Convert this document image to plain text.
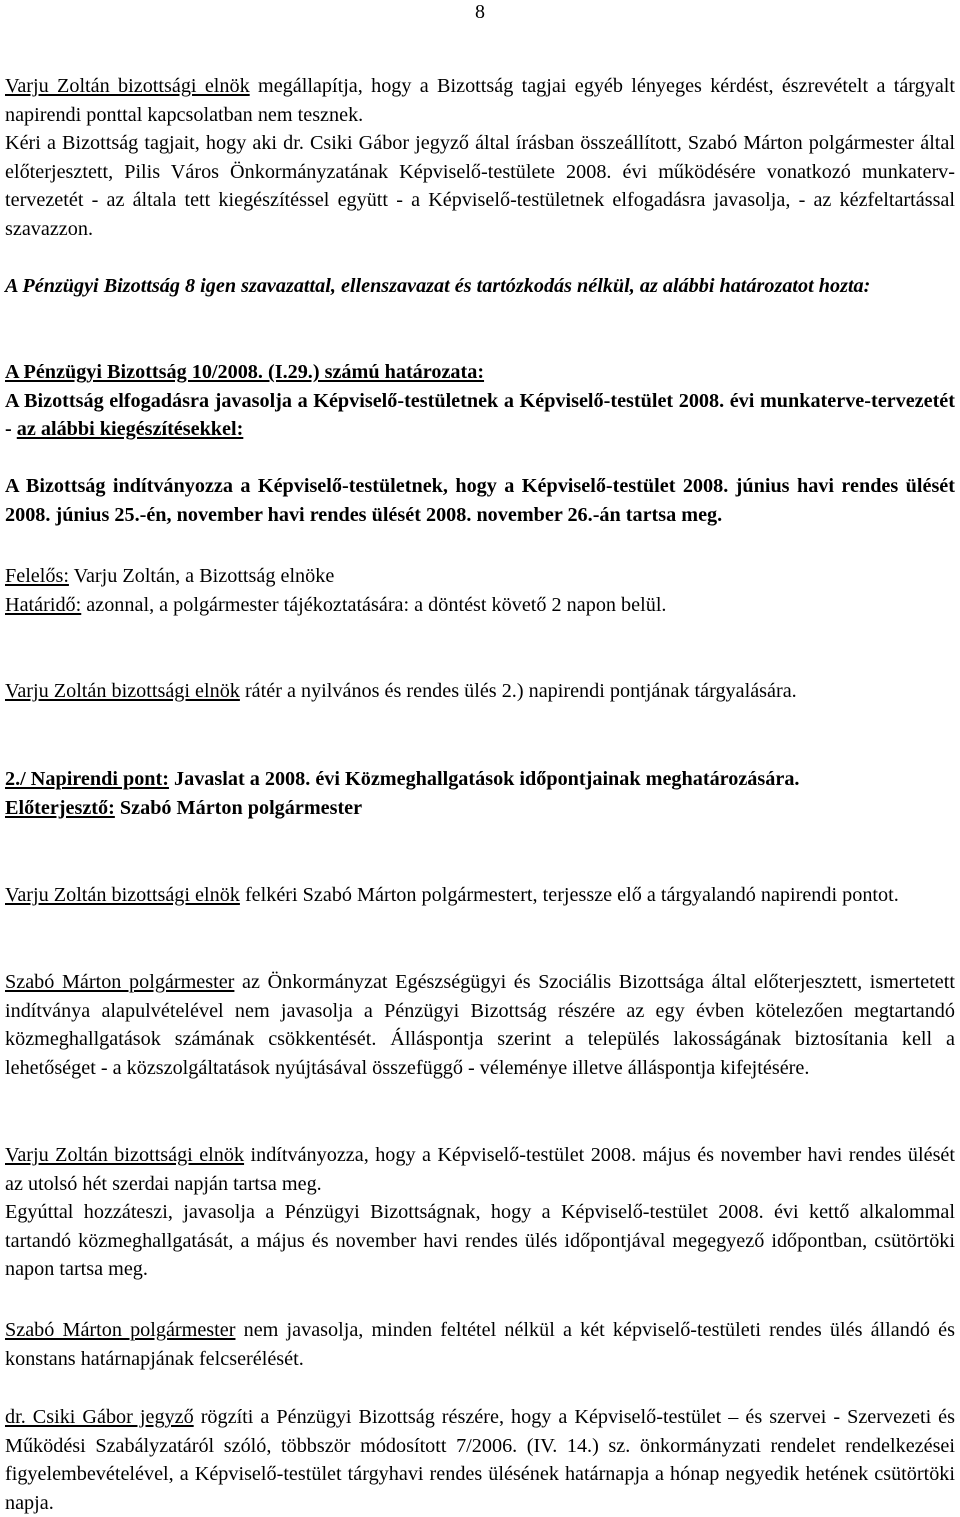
8

Varju Zoltán bizottsági elnök megállapítja, hogy a Bizottság tagjai egyéb lényeges kérdést, észrevételt a tárgyalt napirendi ponttal kapcsolatban nem tesznek.

Kéri a Bizottság tagjait, hogy aki dr. Csiki Gábor jegyző által írásban összeállított, Szabó Márton polgármester által előterjesztett, Pilis Város Önkormányzatának Képviselő-testülete 2008. évi működésére vonatkozó munkaterv-tervezetét - az általa tett kiegészítéssel együtt - a Képviselő-testületnek elfogadásra javasolja, - az kézfeltartással szavazzon.

A Pénzügyi Bizottság 8 igen szavazattal, ellenszavazat és tartózkodás nélkül, az alábbi határozatot hozta:

A Pénzügyi Bizottság 10/2008. (I.29.) számú határozata:

A Bizottság elfogadásra javasolja a Képviselő-testületnek a Képviselő-testület 2008. évi munkaterve-tervezetét - az alábbi kiegészítésekkel:

A Bizottság indítványozza a Képviselő-testületnek, hogy a Képviselő-testület 2008. június havi rendes ülését 2008. június 25.-én, november havi rendes ülését 2008. november 26.-án tartsa meg.

Felelős: Varju Zoltán, a Bizottság elnöke

Határidő: azonnal, a polgármester tájékoztatására: a döntést követő 2 napon belül.

Varju Zoltán bizottsági elnök rátér a nyilvános és rendes ülés 2.) napirendi pontjának tárgyalására.

2./ Napirendi pont: Javaslat a 2008. évi Közmeghallgatások időpontjainak meghatározására.

Előterjesztő: Szabó Márton polgármester

Varju Zoltán bizottsági elnök felkéri Szabó Márton polgármestert, terjessze elő a tárgyalandó napirendi pontot.

Szabó Márton polgármester az Önkormányzat Egészségügyi és Szociális Bizottsága által előterjesztett, ismertetett indítványa alapulvételével nem javasolja a Pénzügyi Bizottság részére az egy évben kötelezően megtartandó közmeghallgatások számának csökkentését. Álláspontja szerint a település lakosságának biztosítania kell a lehetőséget - a közszolgáltatások nyújtásával összefüggő - véleménye illetve álláspontja kifejtésére.

Varju Zoltán bizottsági elnök indítványozza, hogy a Képviselő-testület 2008. május és november havi rendes ülését az utolsó hét szerdai napján tartsa meg.

Egyúttal hozzáteszi, javasolja a Pénzügyi Bizottságnak, hogy a Képviselő-testület 2008. évi kettő alkalommal tartandó közmeghallgatását, a május és november havi rendes ülés időpontjával megegyező időpontban, csütörtöki napon tartsa meg.

Szabó Márton polgármester nem javasolja, minden feltétel nélkül a két képviselő-testületi rendes ülés állandó és konstans határnapjának felcserélését.

dr. Csiki Gábor jegyző rögzíti a Pénzügyi Bizottság részére, hogy a Képviselő-testület – és szervei - Szervezeti és Működési Szabályzatáról szóló, többször módosított 7/2006. (IV. 14.) sz. önkormányzati rendelet rendelkezései figyelembevételével, a Képviselő-testület tárgyhavi rendes ülésének határnapja a hónap negyedik hetének csütörtöki napja.
